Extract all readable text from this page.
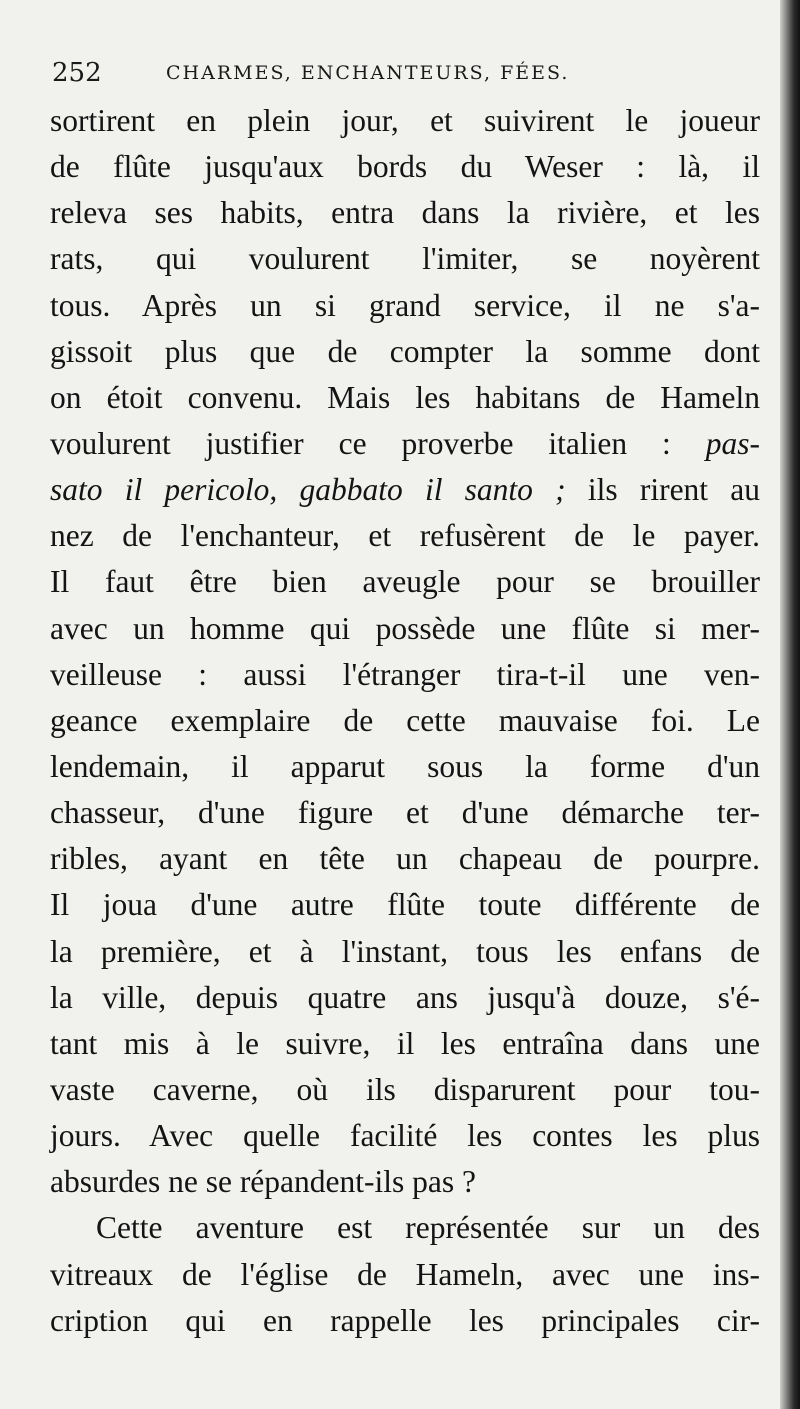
252	CHARMES, ENCHANTEURS, FÉES.
sortirent en plein jour, et suivirent le joueur
de flûte jusqu'aux bords du Weser : là, il
releva ses habits, entra dans la rivière, et les
rats, qui voulurent l'imiter, se noyèrent
tous. Après un si grand service, il ne s'a-
gissoit plus que de compter la somme dont
on étoit convenu. Mais les habitans de Hameln
voulurent justifier ce proverbe italien : pas-
sato il pericolo, gabbato il santo ; ils rirent au
nez de l'enchanteur, et refusèrent de le payer.
Il faut être bien aveugle pour se brouiller
avec un homme qui possède une flûte si mer-
veilleuse : aussi l'étranger tira-t-il une ven-
geance exemplaire de cette mauvaise foi. Le
lendemain, il apparut sous la forme d'un
chasseur, d'une figure et d'une démarche ter-
ribles, ayant en tête un chapeau de pourpre.
Il joua d'une autre flûte toute différente de
la première, et à l'instant, tous les enfans de
la ville, depuis quatre ans jusqu'à douze, s'é-
tant mis à le suivre, il les entraîna dans une
vaste caverne, où ils disparurent pour tou-
jours. Avec quelle facilité les contes les plus
absurdes ne se répandent-ils pas ?
Cette aventure est représentée sur un des
vitreaux de l'église de Hameln, avec une ins-
cription qui en rappelle les principales cir-
